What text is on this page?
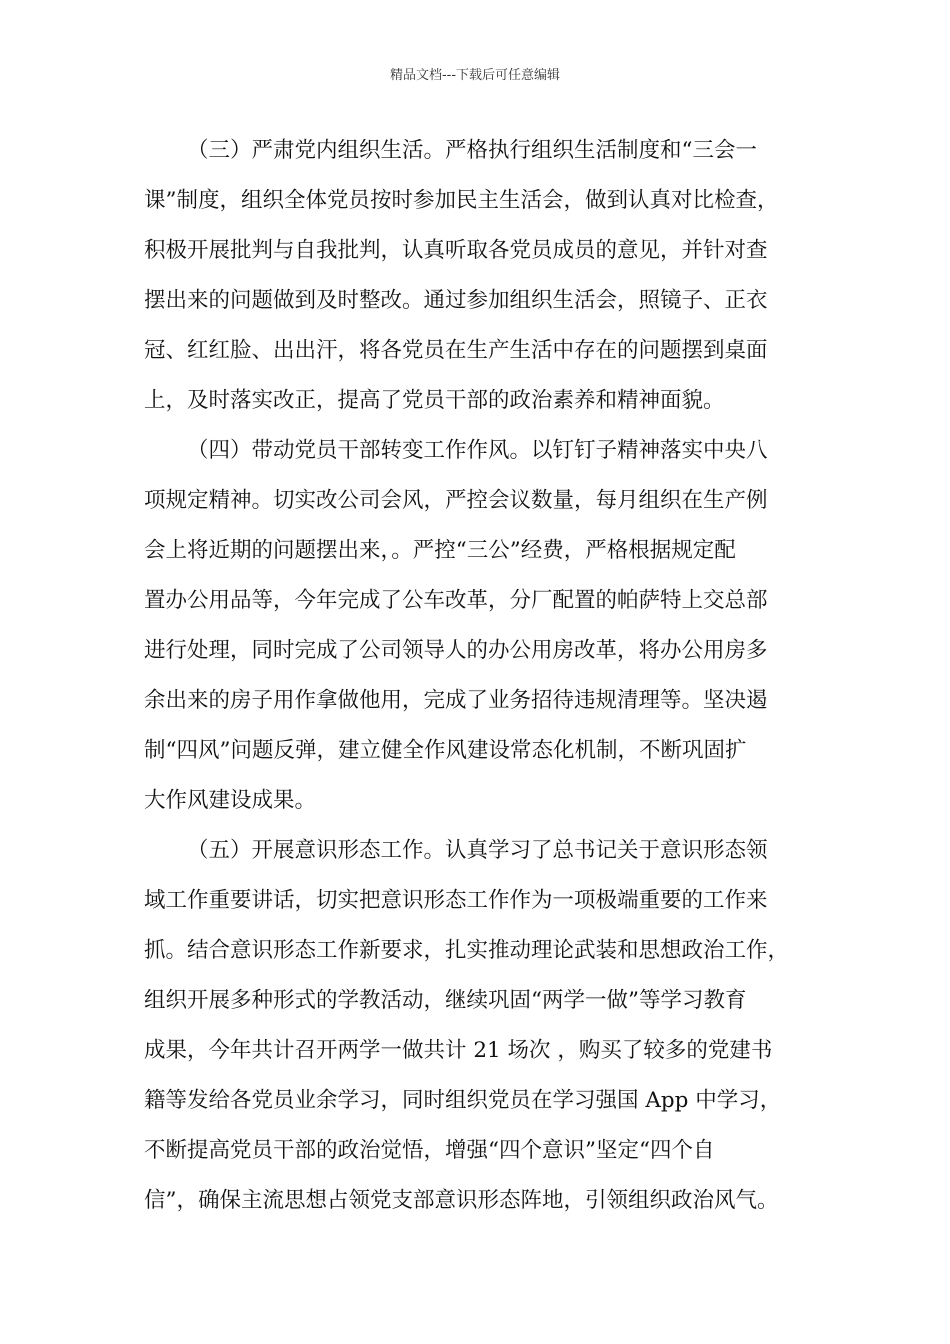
精品文档---下载后可任意编辑
（三）严肃党内组织生活。严格执行组织生活制度和“三会一
课”制度，组织全体党员按时参加民主生活会，做到认真对比检查，
积极开展批判与自我批判，认真听取各党员成员的意见，并针对查
摆出来的问题做到及时整改。通过参加组织生活会，照镜子、正衣
冠、红红脸、出出汗，将各党员在生产生活中存在的问题摆到桌面
上，及时落实改正，提高了党员干部的政治素养和精神面貌。
（四）带动党员干部转变工作作风。以钉钉子精神落实中央八
项规定精神。切实改公司会风，严控会议数量，每月组织在生产例
会上将近期的问题摆出来，。严控“三公”经费，严格根据规定配
置办公用品等，今年完成了公车改革，分厂配置的帕萨特上交总部
进行处理，同时完成了公司领导人的办公用房改革，将办公用房多
余出来的房子用作拿做他用，完成了业务招待违规清理等。坚决遏
制“四风”问题反弹，建立健全作风建设常态化机制，不断巩固扩
大作风建设成果。
（五）开展意识形态工作。认真学习了总书记关于意识形态领
域工作重要讲话，切实把意识形态工作作为一项极端重要的工作来
抓。结合意识形态工作新要求，扎实推动理论武装和思想政治工作，
组织开展多种形式的学教活动，继续巩固“两学一做”等学习教育
成果，今年共计召开两学一做共计 21 场次 ，购买了较多的党建书
籍等发给各党员业余学习，同时组织党员在学习强国 App 中学习，
不断提高党员干部的政治觉悟，增强“四个意识”坚定“四个自
信”，确保主流思想占领党支部意识形态阵地，引领组织政治风气。
